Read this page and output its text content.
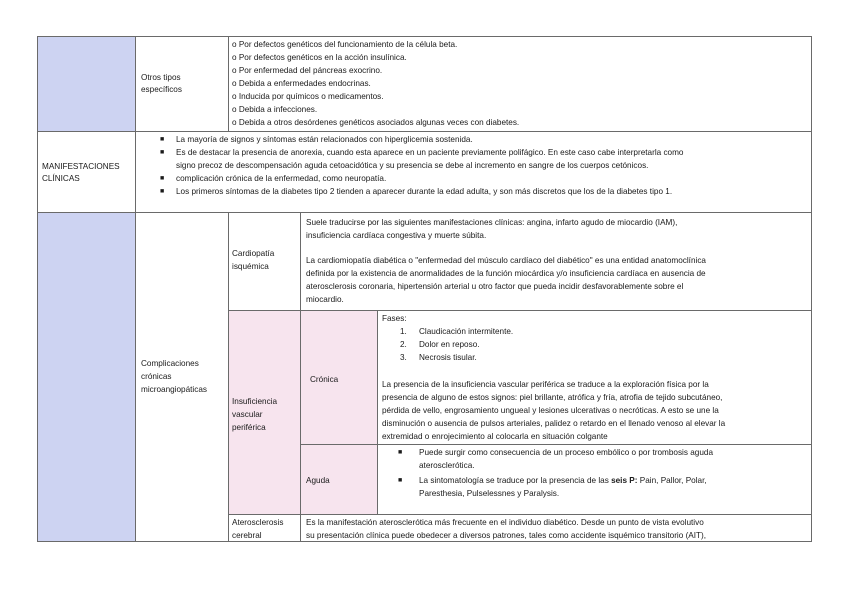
Otros tipos
específicos
o Por defectos genéticos del funcionamiento de la célula beta.
o Por defectos genéticos en la acción insulínica.
o Por enfermedad del páncreas exocrino.
o Debida a enfermedades endocrinas.
o Inducida por químicos o medicamentos.
o Debida a infecciones.
o Debida a otros desórdenes genéticos asociados algunas veces con diabetes.
MANIFESTACIONES
CLÍNICAS
■ La mayoría de signos y síntomas están relacionados con hiperglicemia sostenida.
■ Es de destacar la presencia de anorexia, cuando esta aparece en un paciente previamente polifágico. En este caso cabe interpretarla como
signo precoz de descompensación aguda cetoacidótica y su presencia se debe al incremento en sangre de los cuerpos cetónicos.
■ complicación crónica de la enfermedad, como neuropatía.
■ Los primeros síntomas de la diabetes tipo 2 tienden a aparecer durante la edad adulta, y son más discretos que los de la diabetes tipo 1.
Complicaciones
crónicas
microangiopáticas
Cardiopatía
isquémica
Suele traducirse por las siguientes manifestaciones clínicas: angina, infarto agudo de miocardio (IAM),
insuficiencia cardíaca congestiva y muerte súbita.
La cardiomiopatía diabética o "enfermedad del músculo cardíaco del diabético" es una entidad anatomoclínica
definida por la existencia de anormalidades de la función miocárdica y/o insuficiencia cardíaca en ausencia de
aterosclerosis coronaria, hipertensión arterial u otro factor que pueda incidir desfavorablemente sobre el
miocardio.
Insuficiencia
vascular
periférica
Crónica
Fases:
1. Claudicación intermitente.
2. Dolor en reposo.
3. Necrosis tisular.
La presencia de la insuficiencia vascular periférica se traduce a la exploración física por la
presencia de alguno de estos signos: piel brillante, atrófica y fría, atrofia de tejido subcutáneo,
pérdida de vello, engrosamiento ungueal y lesiones ulcerativas o necróticas. A esto se une la
disminución o ausencia de pulsos arteriales, palidez o retardo en el llenado venoso al elevar la
extremidad o enrojecimiento al colocarla en situación colgante
Aguda
■ Puede surgir como consecuencia de un proceso embólico o por trombosis aguda
aterosclerótica.
■ La sintomatología se traduce por la presencia de las seis P: Pain, Pallor, Polar,
Paresthesia, Pulselessnes y Paralysis.
Aterosclerosis
cerebral
Es la manifestación aterosclerótica más frecuente en el individuo diabético. Desde un punto de vista evolutivo
su presentación clínica puede obedecer a diversos patrones, tales como accidente isquémico transitorio (AIT),
